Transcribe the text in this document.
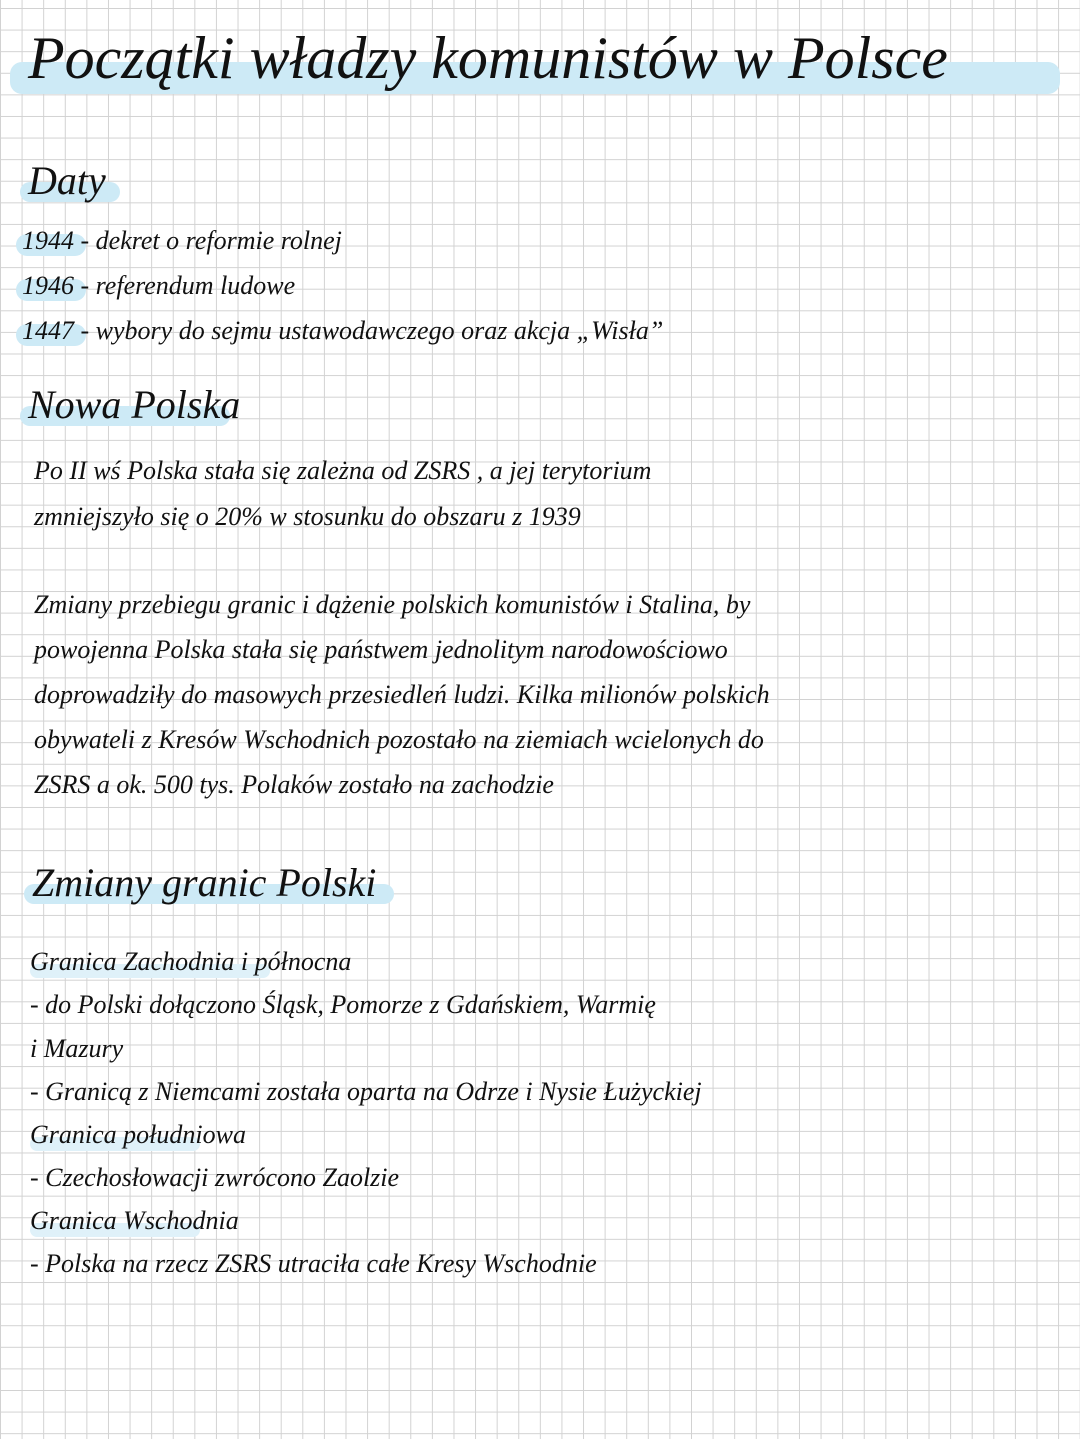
Początki władzy komunistów w Polsce
Daty
1944 - dekret o reformie rolnej
1946 - referendum ludowe
1447 - wybory do sejmu ustawodawczego oraz akcja „Wisła”
Nowa Polska
Po II wś Polska stała się zależna od ZSRS , a jej terytorium
zmniejszyło się o 20% w stosunku do obszaru z 1939
Zmiany przebiegu granic i dążenie polskich komunistów i Stalina, by
powojenna Polska stała się państwem jednolitym narodowościowo
doprowadziły do masowych przesiedleń ludzi. Kilka milionów polskich
obywateli z Kresów Wschodnich pozostało na ziemiach wcielonych do
ZSRS a ok. 500 tys. Polaków zostało na zachodzie
Zmiany granic Polski
Granica Zachodnia i północna
- do Polski dołączono Śląsk, Pomorze z Gdańskiem, Warmię
i Mazury
- Granicą z Niemcami została oparta na Odrze i Nysie Łużyckiej
Granica południowa
- Czechosłowacji zwrócono Zaolzie
Granica Wschodnia
- Polska na rzecz ZSRS utraciła całe Kresy Wschodnie
